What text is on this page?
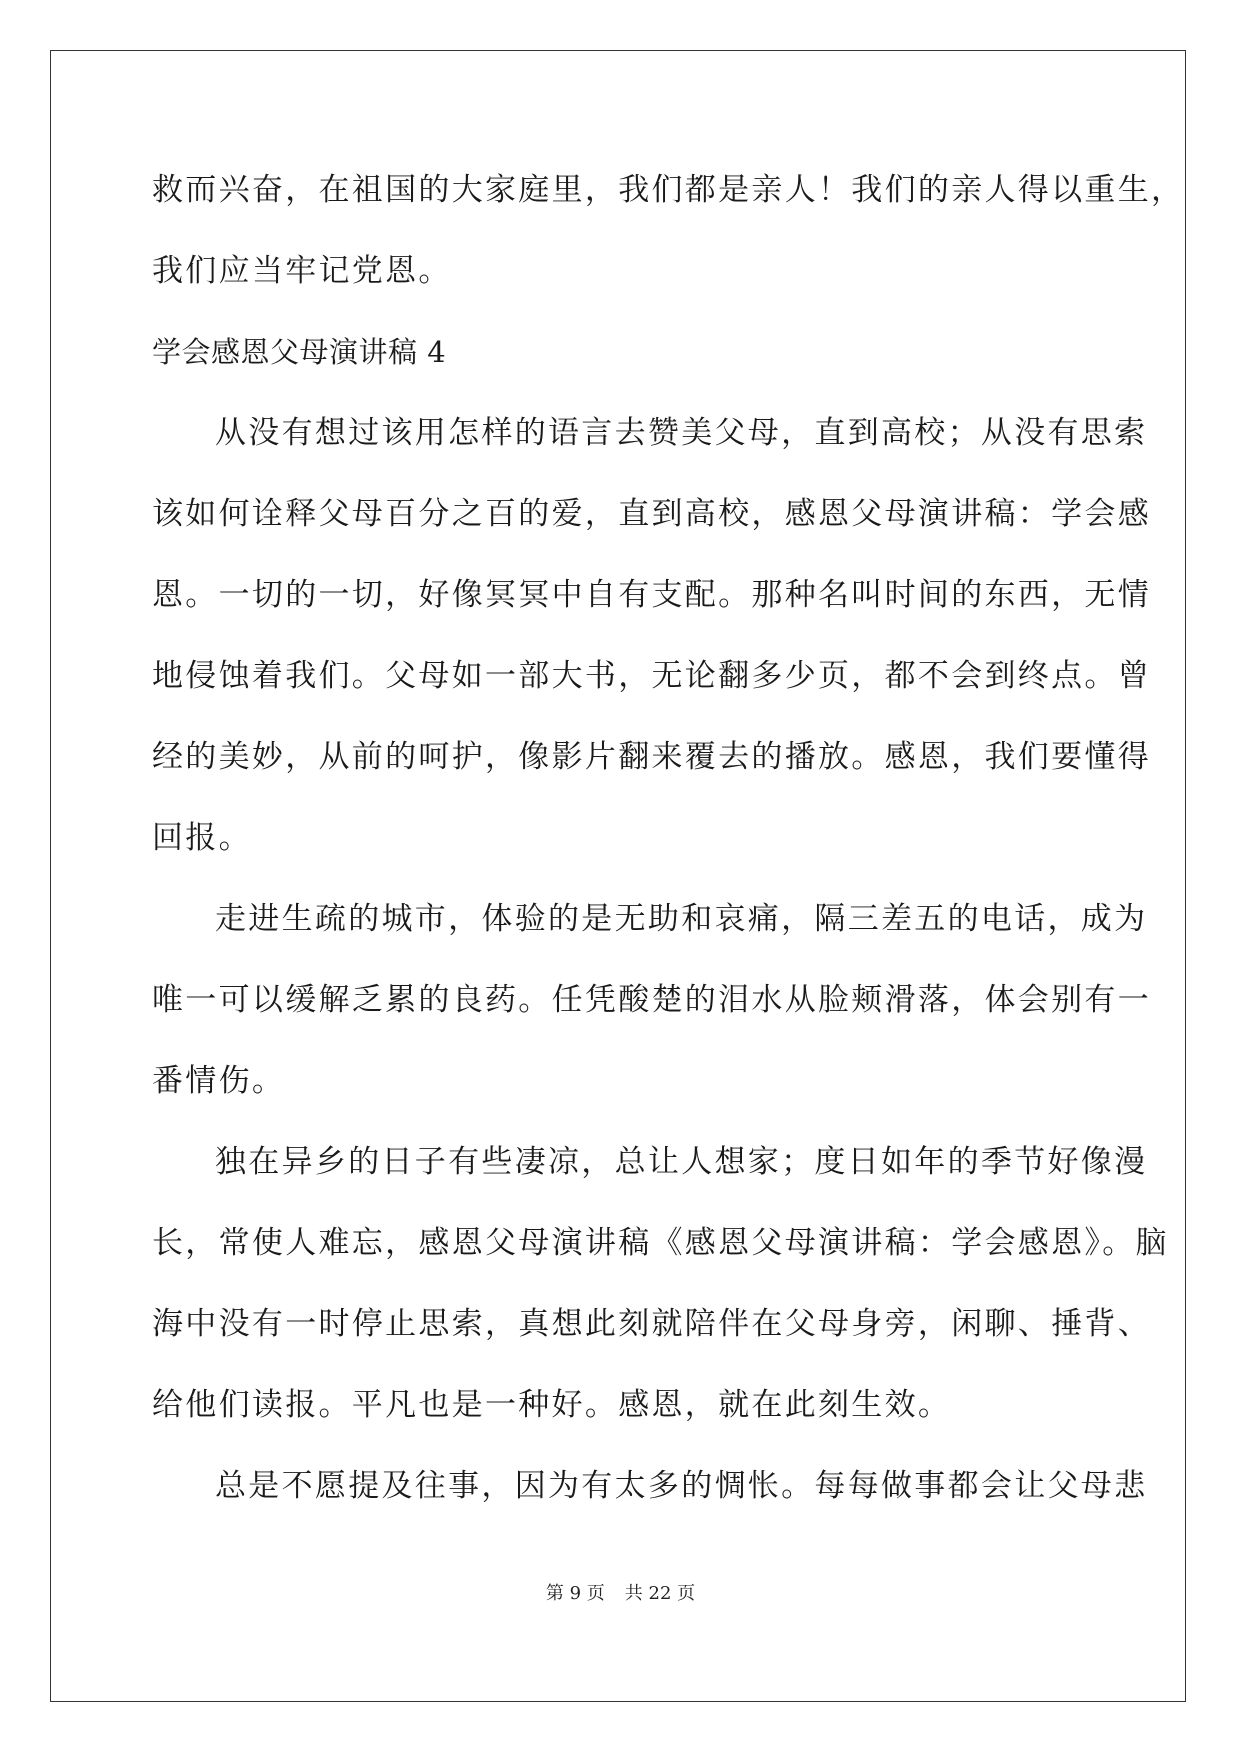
救而兴奋，在祖国的大家庭里，我们都是亲人！我们的亲人得以重生，
我们应当牢记党恩。
学会感恩父母演讲稿 4
从没有想过该用怎样的语言去赞美父母，直到高校；从没有思索
该如何诠释父母百分之百的爱，直到高校，感恩父母演讲稿：学会感
恩。一切的一切，好像冥冥中自有支配。那种名叫时间的东西，无情
地侵蚀着我们。父母如一部大书，无论翻多少页，都不会到终点。曾
经的美妙，从前的呵护，像影片翻来覆去的播放。感恩，我们要懂得
回报。
走进生疏的城市，体验的是无助和哀痛，隔三差五的电话，成为
唯一可以缓解乏累的良药。任凭酸楚的泪水从脸颊滑落，体会别有一
番情伤。
独在异乡的日子有些凄凉，总让人想家；度日如年的季节好像漫
长，常使人难忘，感恩父母演讲稿《感恩父母演讲稿：学会感恩》。脑
海中没有一时停止思索，真想此刻就陪伴在父母身旁，闲聊、捶背、
给他们读报。平凡也是一种好。感恩，就在此刻生效。
总是不愿提及往事，因为有太多的惆怅。每每做事都会让父母悲
第 9 页 共 22 页
